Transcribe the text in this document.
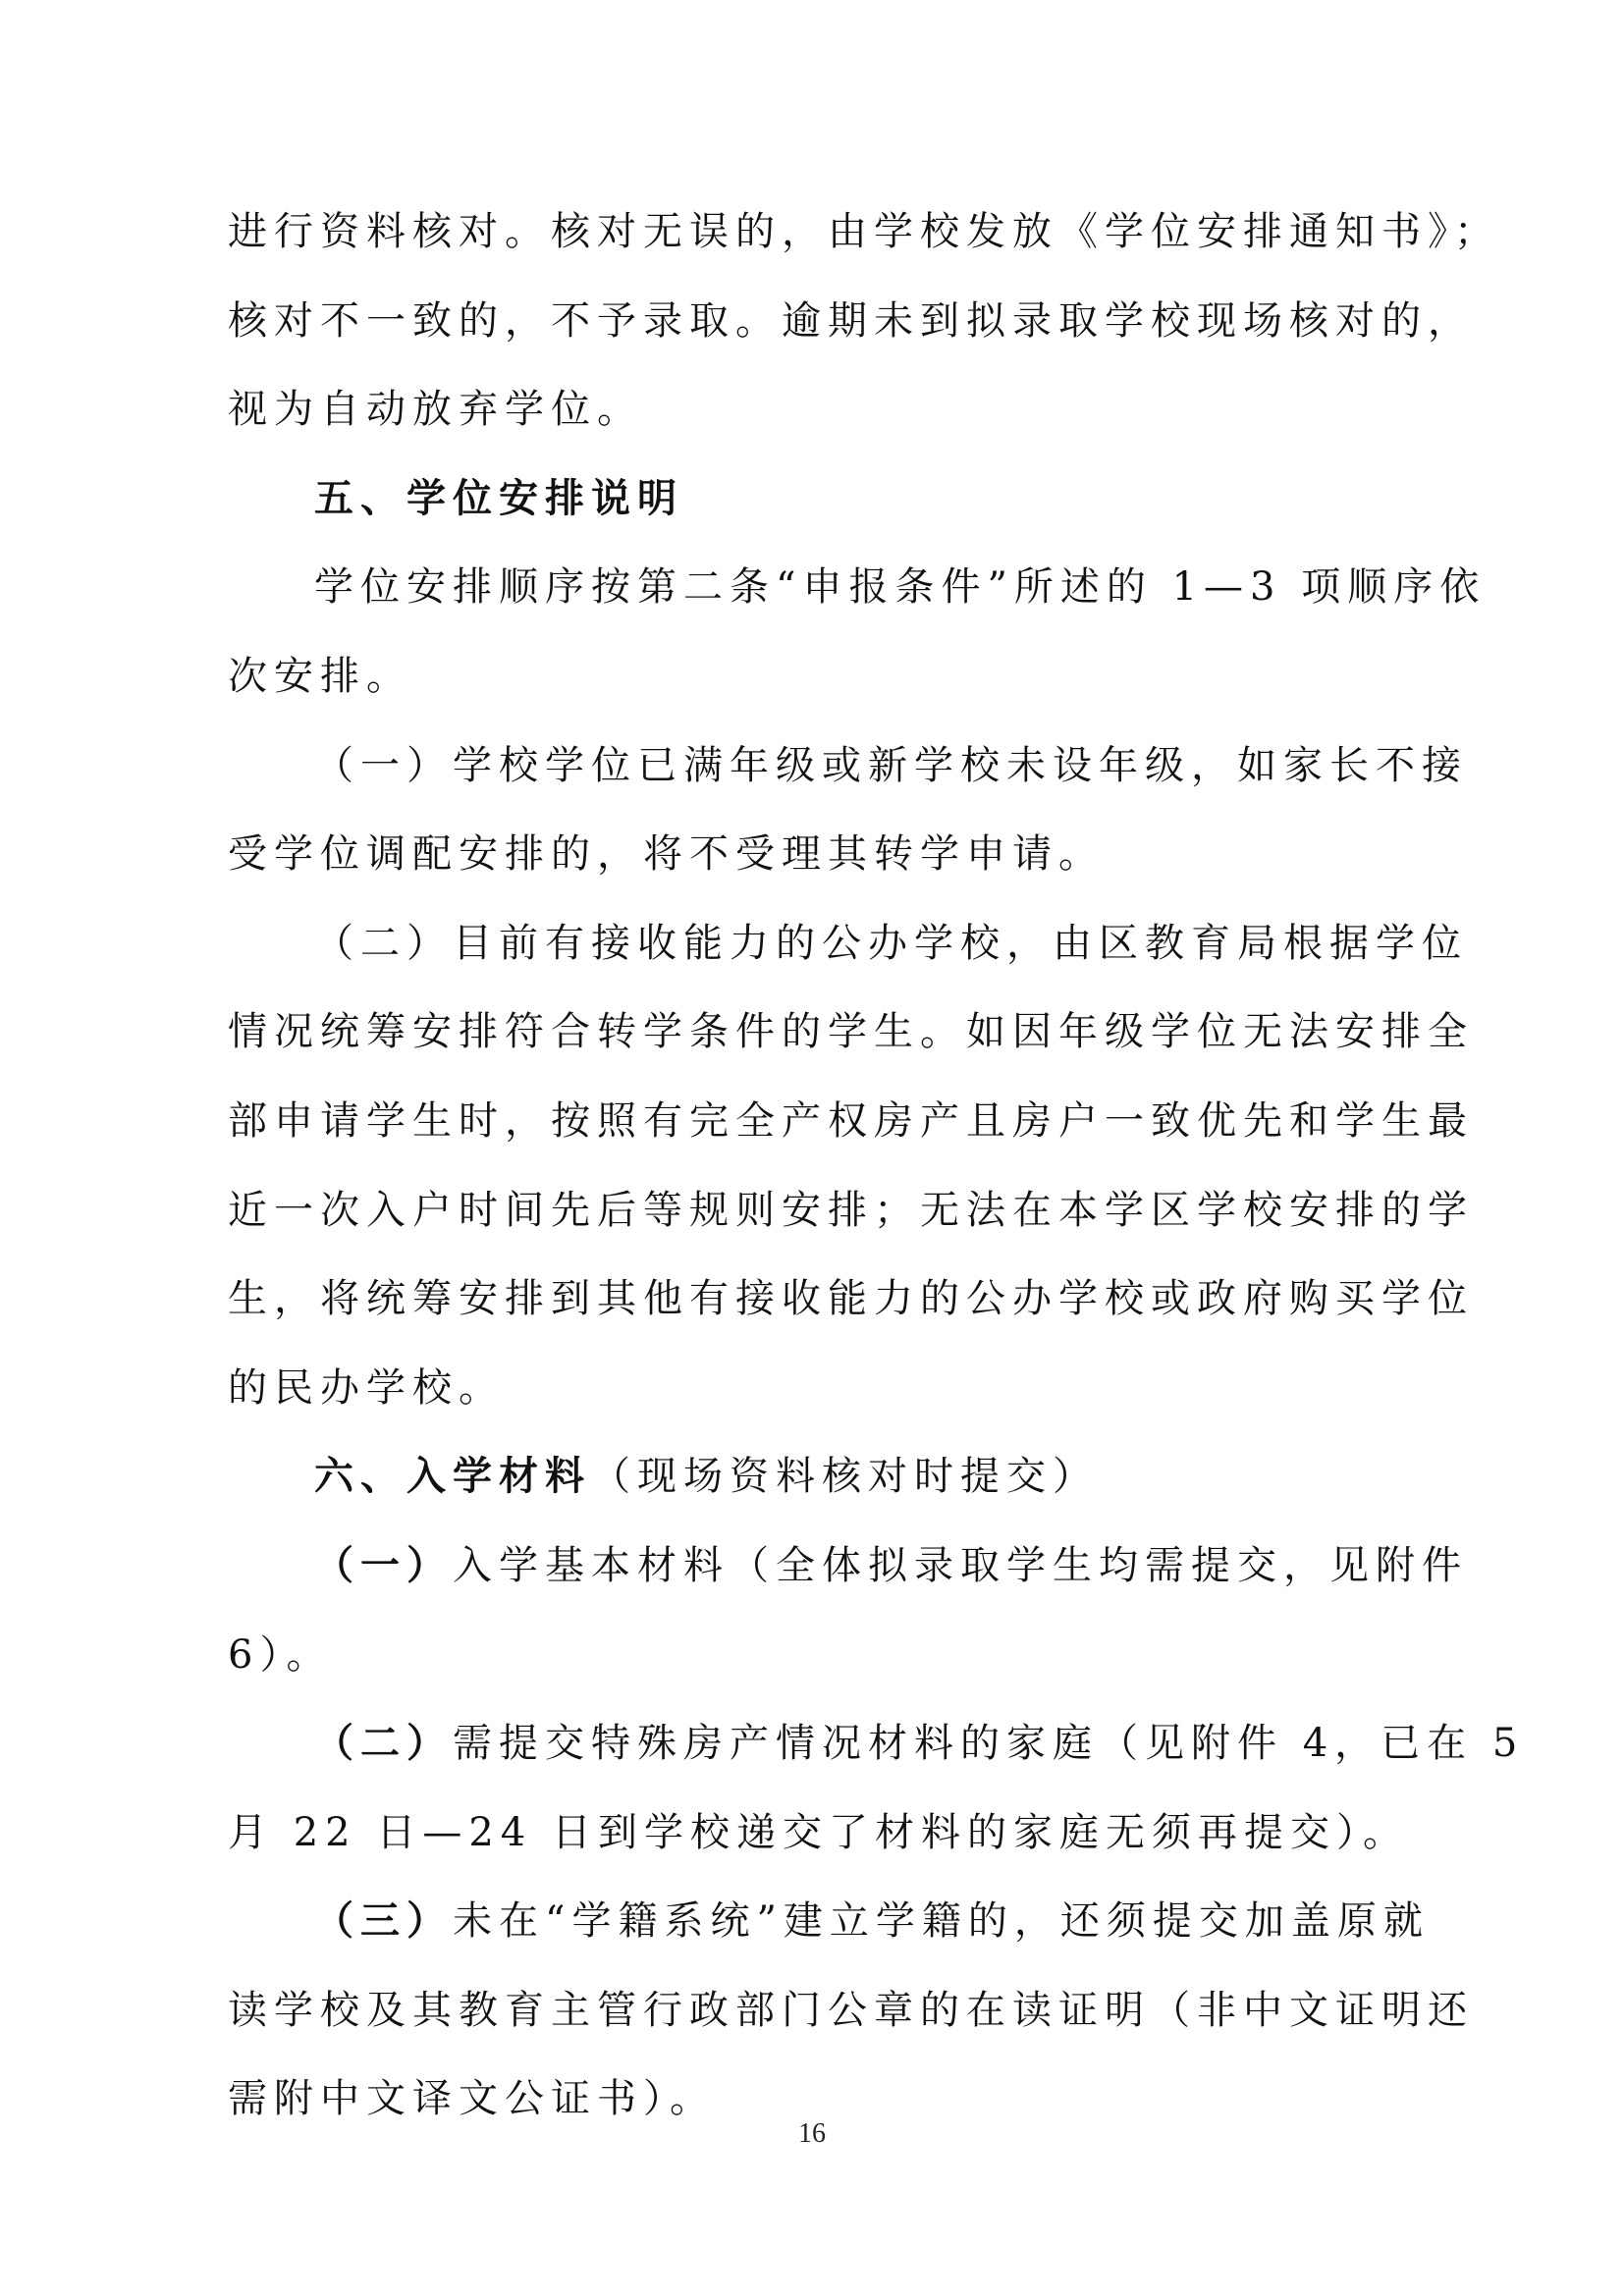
进行资料核对。核对无误的，由学校发放《学位安排通知书》；
核对不一致的，不予录取。逾期未到拟录取学校现场核对的，
视为自动放弃学位。
五、学位安排说明
学位安排顺序按第二条“申报条件”所述的 1—3 项顺序依
次安排。
（一）学校学位已满年级或新学校未设年级，如家长不接
受学位调配安排的，将不受理其转学申请。
（二）目前有接收能力的公办学校，由区教育局根据学位
情况统筹安排符合转学条件的学生。如因年级学位无法安排全
部申请学生时，按照有完全产权房产且房户一致优先和学生最
近一次入户时间先后等规则安排；无法在本学区学校安排的学
生，将统筹安排到其他有接收能力的公办学校或政府购买学位
的民办学校。
六、入学材料（现场资料核对时提交）
（一）入学基本材料（全体拟录取学生均需提交，见附件
6）。
（二）需提交特殊房产情况材料的家庭（见附件 4，已在 5
月 22 日—24 日到学校递交了材料的家庭无须再提交）。
（三）未在“学籍系统”建立学籍的，还须提交加盖原就
读学校及其教育主管行政部门公章的在读证明（非中文证明还
需附中文译文公证书）。
16
